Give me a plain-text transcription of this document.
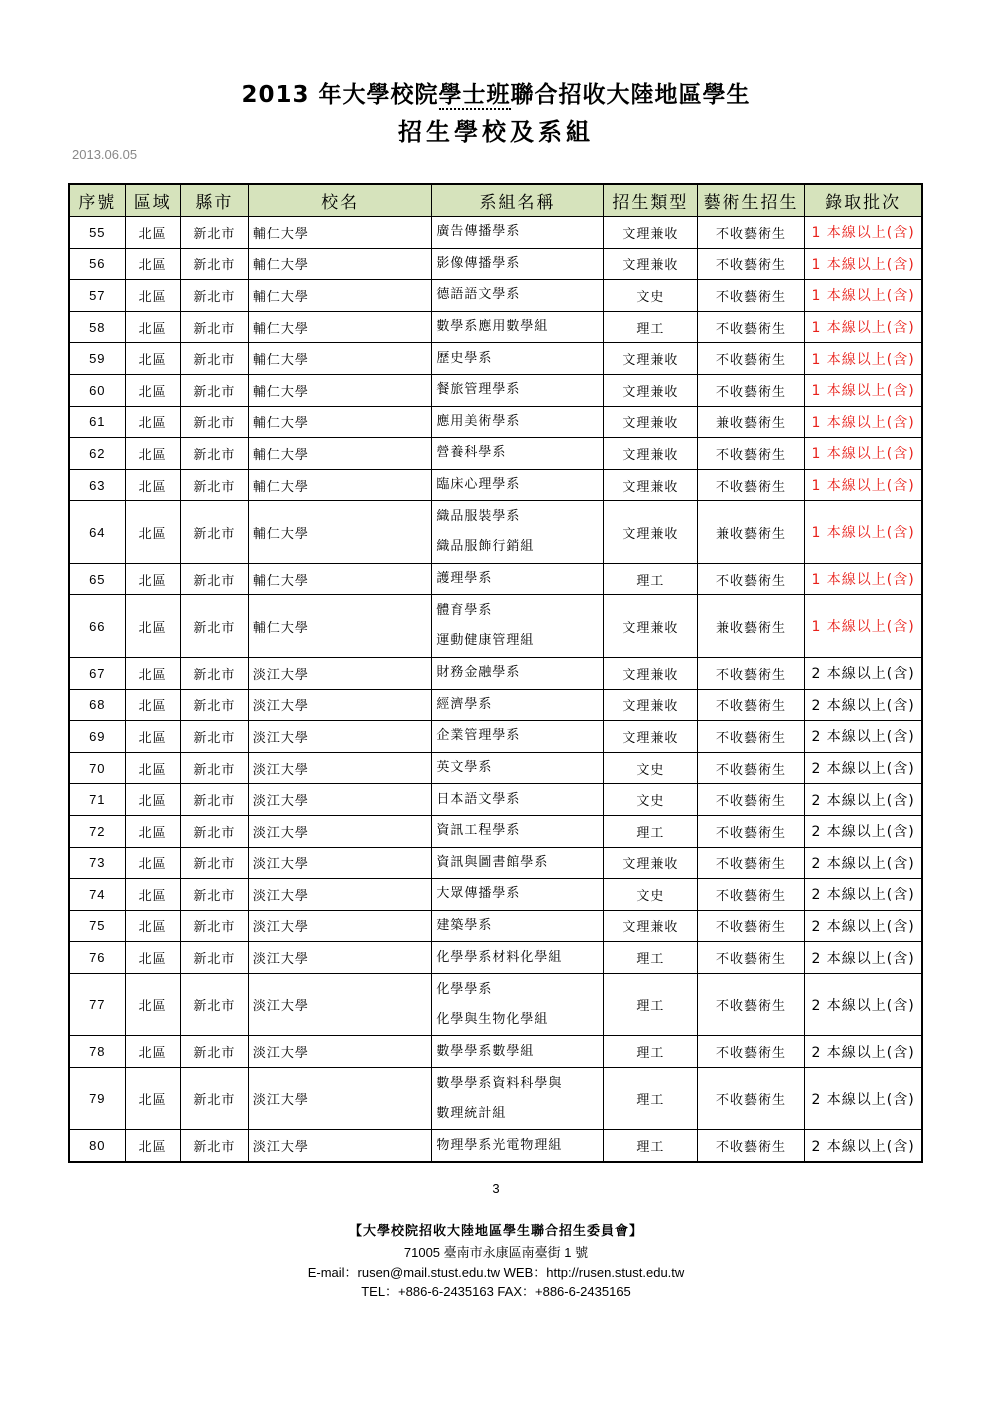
2013 年大學校院學士班聯合招收大陸地區學生
招生學校及系組
2013.06.05
序號	區域	縣市	校名	系組名稱	招生類型	藝術生招生	錄取批次
55	北區	新北市	輔仁大學	廣告傳播學系	文理兼收	不收藝術生	1 本線以上(含)
56	北區	新北市	輔仁大學	影像傳播學系	文理兼收	不收藝術生	1 本線以上(含)
57	北區	新北市	輔仁大學	德語語文學系	文史	不收藝術生	1 本線以上(含)
58	北區	新北市	輔仁大學	數學系應用數學組	理工	不收藝術生	1 本線以上(含)
59	北區	新北市	輔仁大學	歷史學系	文理兼收	不收藝術生	1 本線以上(含)
60	北區	新北市	輔仁大學	餐旅管理學系	文理兼收	不收藝術生	1 本線以上(含)
61	北區	新北市	輔仁大學	應用美術學系	文理兼收	兼收藝術生	1 本線以上(含)
62	北區	新北市	輔仁大學	營養科學系	文理兼收	不收藝術生	1 本線以上(含)
63	北區	新北市	輔仁大學	臨床心理學系	文理兼收	不收藝術生	1 本線以上(含)
64	北區	新北市	輔仁大學	織品服裝學系
織品服飾行銷組	文理兼收	兼收藝術生	1 本線以上(含)
65	北區	新北市	輔仁大學	護理學系	理工	不收藝術生	1 本線以上(含)
66	北區	新北市	輔仁大學	體育學系
運動健康管理組	文理兼收	兼收藝術生	1 本線以上(含)
67	北區	新北市	淡江大學	財務金融學系	文理兼收	不收藝術生	2 本線以上(含)
68	北區	新北市	淡江大學	經濟學系	文理兼收	不收藝術生	2 本線以上(含)
69	北區	新北市	淡江大學	企業管理學系	文理兼收	不收藝術生	2 本線以上(含)
70	北區	新北市	淡江大學	英文學系	文史	不收藝術生	2 本線以上(含)
71	北區	新北市	淡江大學	日本語文學系	文史	不收藝術生	2 本線以上(含)
72	北區	新北市	淡江大學	資訊工程學系	理工	不收藝術生	2 本線以上(含)
73	北區	新北市	淡江大學	資訊與圖書館學系	文理兼收	不收藝術生	2 本線以上(含)
74	北區	新北市	淡江大學	大眾傳播學系	文史	不收藝術生	2 本線以上(含)
75	北區	新北市	淡江大學	建築學系	文理兼收	不收藝術生	2 本線以上(含)
76	北區	新北市	淡江大學	化學學系材料化學組	理工	不收藝術生	2 本線以上(含)
77	北區	新北市	淡江大學	化學學系
化學與生物化學組	理工	不收藝術生	2 本線以上(含)
78	北區	新北市	淡江大學	數學學系數學組	理工	不收藝術生	2 本線以上(含)
79	北區	新北市	淡江大學	數學學系資料科學與
數理統計組	理工	不收藝術生	2 本線以上(含)
80	北區	新北市	淡江大學	物理學系光電物理組	理工	不收藝術生	2 本線以上(含)
3
【大學校院招收大陸地區學生聯合招生委員會】
71005 臺南市永康區南臺街 1 號
E-mail：rusen@mail.stust.edu.tw WEB：http://rusen.stust.edu.tw
TEL：+886-6-2435163 FAX：+886-6-2435165
